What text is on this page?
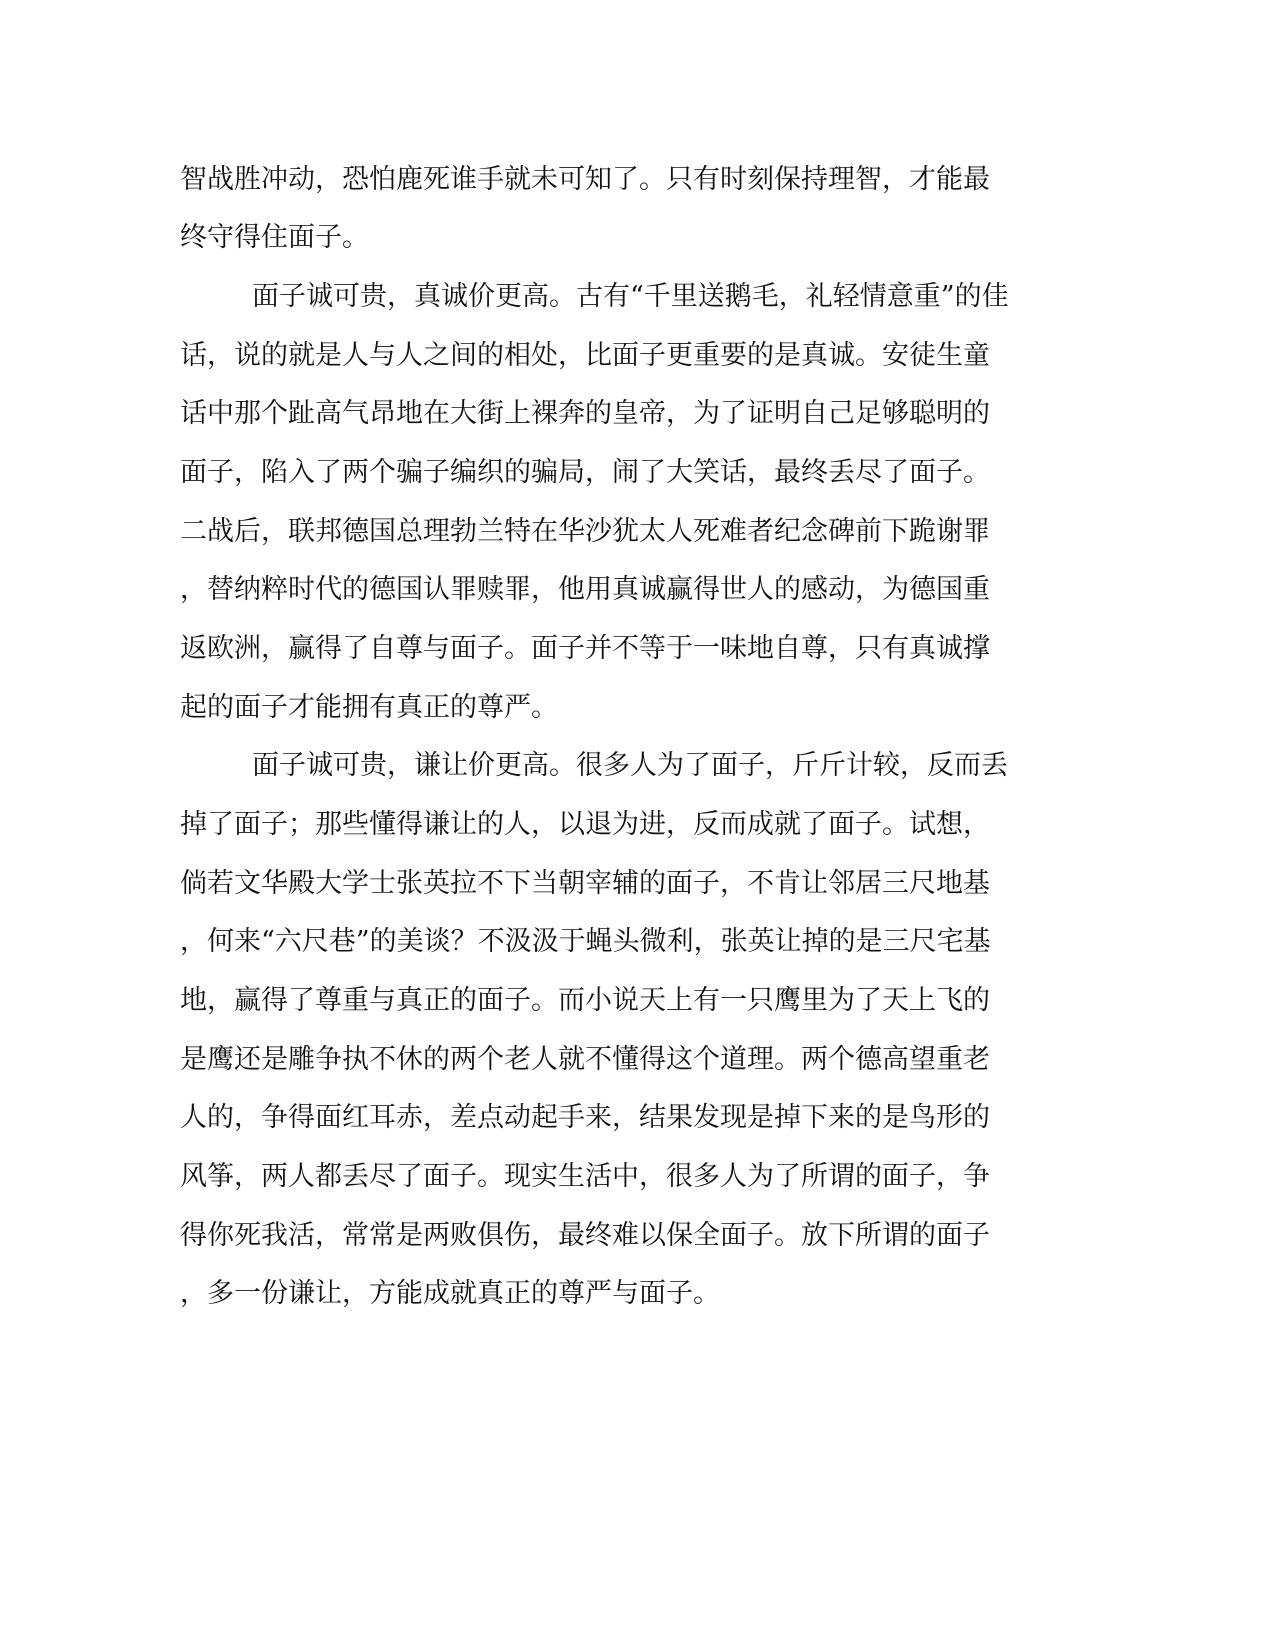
智战胜冲动，恐怕鹿死谁手就未可知了。只有时刻保持理智，才能最
终守得住面子。
面子诚可贵，真诚价更高。古有“千里送鹅毛，礼轻情意重”的佳
话，说的就是人与人之间的相处，比面子更重要的是真诚。安徒生童
话中那个趾高气昂地在大街上裸奔的皇帝，为了证明自己足够聪明的
面子，陷入了两个骗子编织的骗局，闹了大笑话，最终丢尽了面子。
二战后，联邦德国总理勃兰特在华沙犹太人死难者纪念碑前下跪谢罪
，替纳粹时代的德国认罪赎罪，他用真诚赢得世人的感动，为德国重
返欧洲，赢得了自尊与面子。面子并不等于一味地自尊，只有真诚撑
起的面子才能拥有真正的尊严。
面子诚可贵，谦让价更高。很多人为了面子，斤斤计较，反而丢
掉了面子；那些懂得谦让的人，以退为进，反而成就了面子。试想，
倘若文华殿大学士张英拉不下当朝宰辅的面子，不肯让邻居三尺地基
，何来“六尺巷”的美谈？不汲汲于蝇头微利，张英让掉的是三尺宅基
地，赢得了尊重与真正的面子。而小说天上有一只鹰里为了天上飞的
是鹰还是雕争执不休的两个老人就不懂得这个道理。两个德高望重老
人的，争得面红耳赤，差点动起手来，结果发现是掉下来的是鸟形的
风筝，两人都丢尽了面子。现实生活中，很多人为了所谓的面子，争
得你死我活，常常是两败俱伤，最终难以保全面子。放下所谓的面子
，多一份谦让，方能成就真正的尊严与面子。
